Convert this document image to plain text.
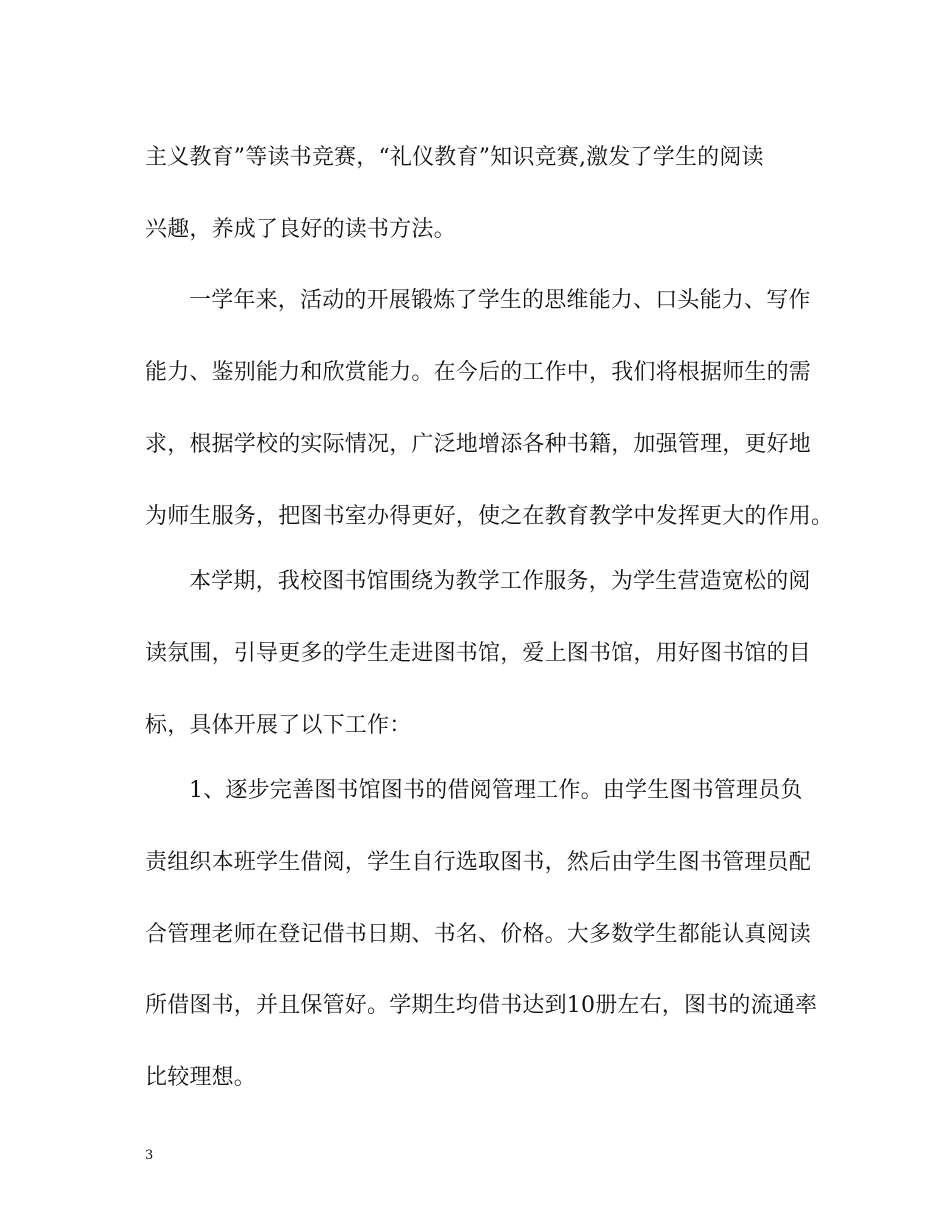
主义教育”等读书竞赛，“礼仪教育”知识竞赛,激发了学生的阅读
兴趣，养成了良好的读书方法。
一学年来，活动的开展锻炼了学生的思维能力、口头能力、写作
能力、鉴别能力和欣赏能力。在今后的工作中，我们将根据师生的需
求，根据学校的实际情况，广泛地增添各种书籍，加强管理，更好地
为师生服务，把图书室办得更好，使之在教育教学中发挥更大的作用。
本学期，我校图书馆围绕为教学工作服务，为学生营造宽松的阅
读氛围，引导更多的学生走进图书馆，爱上图书馆，用好图书馆的目
标，具体开展了以下工作：
1、逐步完善图书馆图书的借阅管理工作。由学生图书管理员负
责组织本班学生借阅，学生自行选取图书，然后由学生图书管理员配
合管理老师在登记借书日期、书名、价格。大多数学生都能认真阅读
所借图书，并且保管好。学期生均借书达到10册左右，图书的流通率
比较理想。
3
